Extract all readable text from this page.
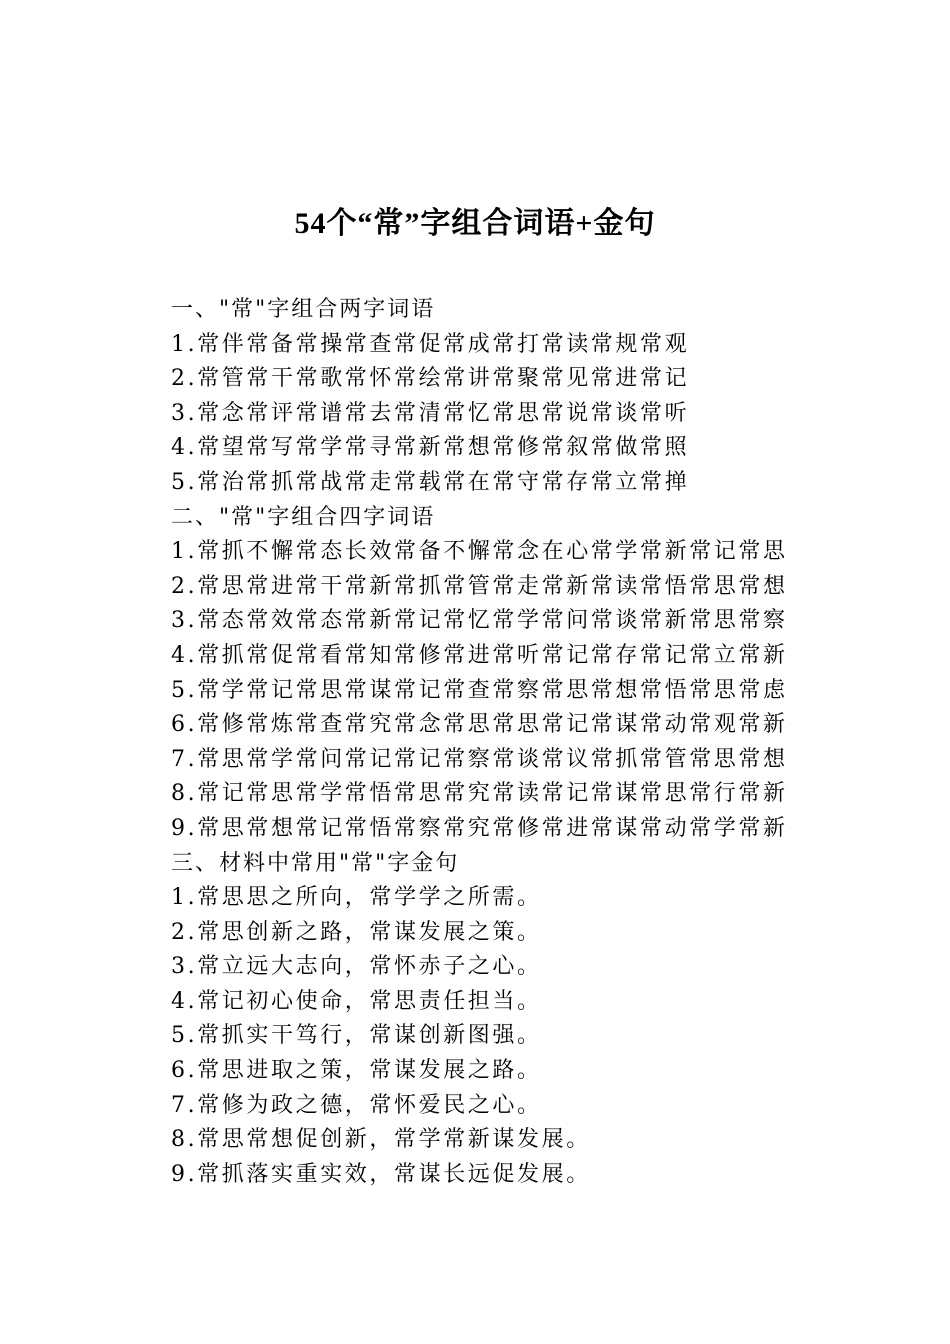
54个“常”字组合词语+金句
一、"常"字组合两字词语
1.常伴常备常操常查常促常成常打常读常规常观
2.常管常干常歌常怀常绘常讲常聚常见常进常记
3.常念常评常谱常去常清常忆常思常说常谈常听
4.常望常写常学常寻常新常想常修常叙常做常照
5.常治常抓常战常走常载常在常守常存常立常掸
二、"常"字组合四字词语
1.常抓不懈常态长效常备不懈常念在心常学常新常记常思
2.常思常进常干常新常抓常管常走常新常读常悟常思常想
3.常态常效常态常新常记常忆常学常问常谈常新常思常察
4.常抓常促常看常知常修常进常听常记常存常记常立常新
5.常学常记常思常谋常记常查常察常思常想常悟常思常虑
6.常修常炼常查常究常念常思常思常记常谋常动常观常新
7.常思常学常问常记常记常察常谈常议常抓常管常思常想
8.常记常思常学常悟常思常究常读常记常谋常思常行常新
9.常思常想常记常悟常察常究常修常进常谋常动常学常新
三、材料中常用"常"字金句
1.常思思之所向，常学学之所需。
2.常思创新之路，常谋发展之策。
3.常立远大志向，常怀赤子之心。
4.常记初心使命，常思责任担当。
5.常抓实干笃行，常谋创新图强。
6.常思进取之策，常谋发展之路。
7.常修为政之德，常怀爱民之心。
8.常思常想促创新，常学常新谋发展。
9.常抓落实重实效，常谋长远促发展。
